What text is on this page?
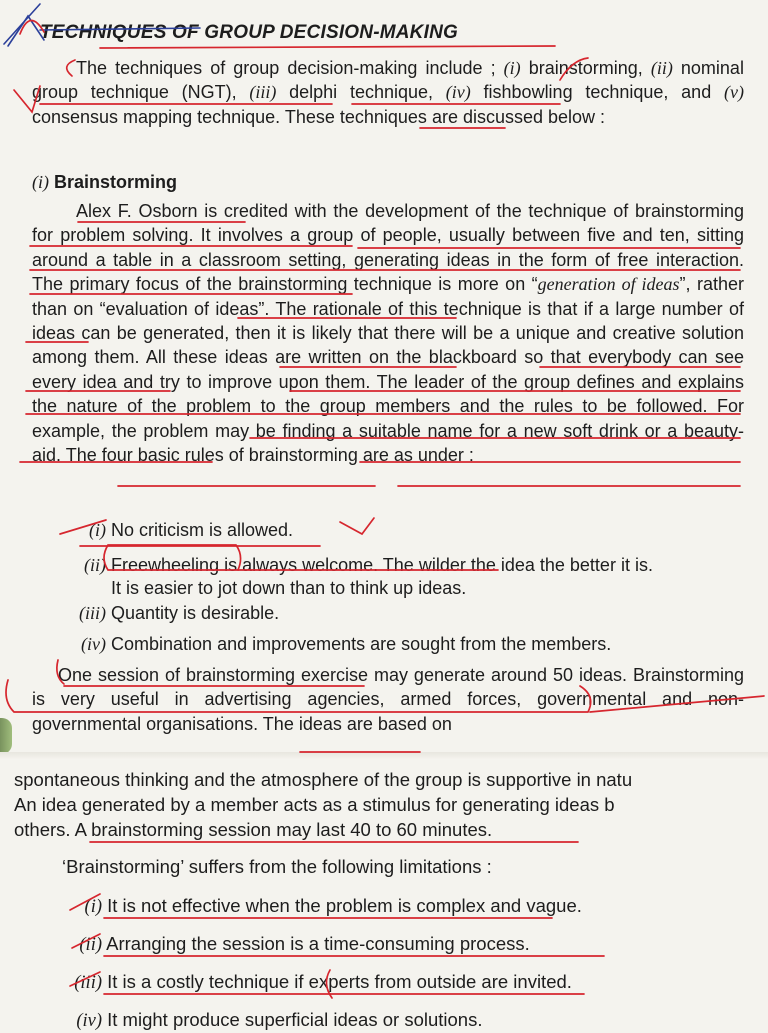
TECHNIQUES OF GROUP DECISION-MAKING

The techniques of group decision-making include ; (i) brainstorming, (ii) nominal group technique (NGT), (iii) delphi technique, (iv) fishbowling technique, and (v) consensus mapping technique. These techniques are discussed below :

(i) Brainstorming

Alex F. Osborn is credited with the development of the technique of brainstorming for problem solving. It involves a group of people, usually between five and ten, sitting around a table in a classroom setting, generating ideas in the form of free interaction. The primary focus of the brainstorming technique is more on “generation of ideas”, rather than on “evaluation of ideas”. The rationale of this technique is that if a large number of ideas can be generated, then it is likely that there will be a unique and creative solution among them. All these ideas are written on the blackboard so that everybody can see every idea and try to improve upon them. The leader of the group defines and explains the nature of the problem to the group members and the rules to be followed. For example, the problem may be finding a suitable name for a new soft drink or a beauty-aid. The four basic rules of brainstorming are as under :

(i) No criticism is allowed.
(ii) Freewheeling is always welcome. The wilder the idea the better it is.
It is easier to jot down than to think up ideas.
(iii) Quantity is desirable.
(iv) Combination and improvements are sought from the members.

One session of brainstorming exercise may generate around 50 ideas. Brainstorming is very useful in advertising agencies, armed forces, governmental and non-governmental organisations. The ideas are based on

spontaneous thinking and the atmosphere of the group is supportive in natu
An idea generated by a member acts as a stimulus for generating ideas b
others. A brainstorming session may last 40 to 60 minutes.
‘Brainstorming’ suffers from the following limitations :
(i) It is not effective when the problem is complex and vague.
(ii) Arranging the session is a time-consuming process.
(iii) It is a costly technique if experts from outside are invited.
(iv) It might produce superficial ideas or solutions.
